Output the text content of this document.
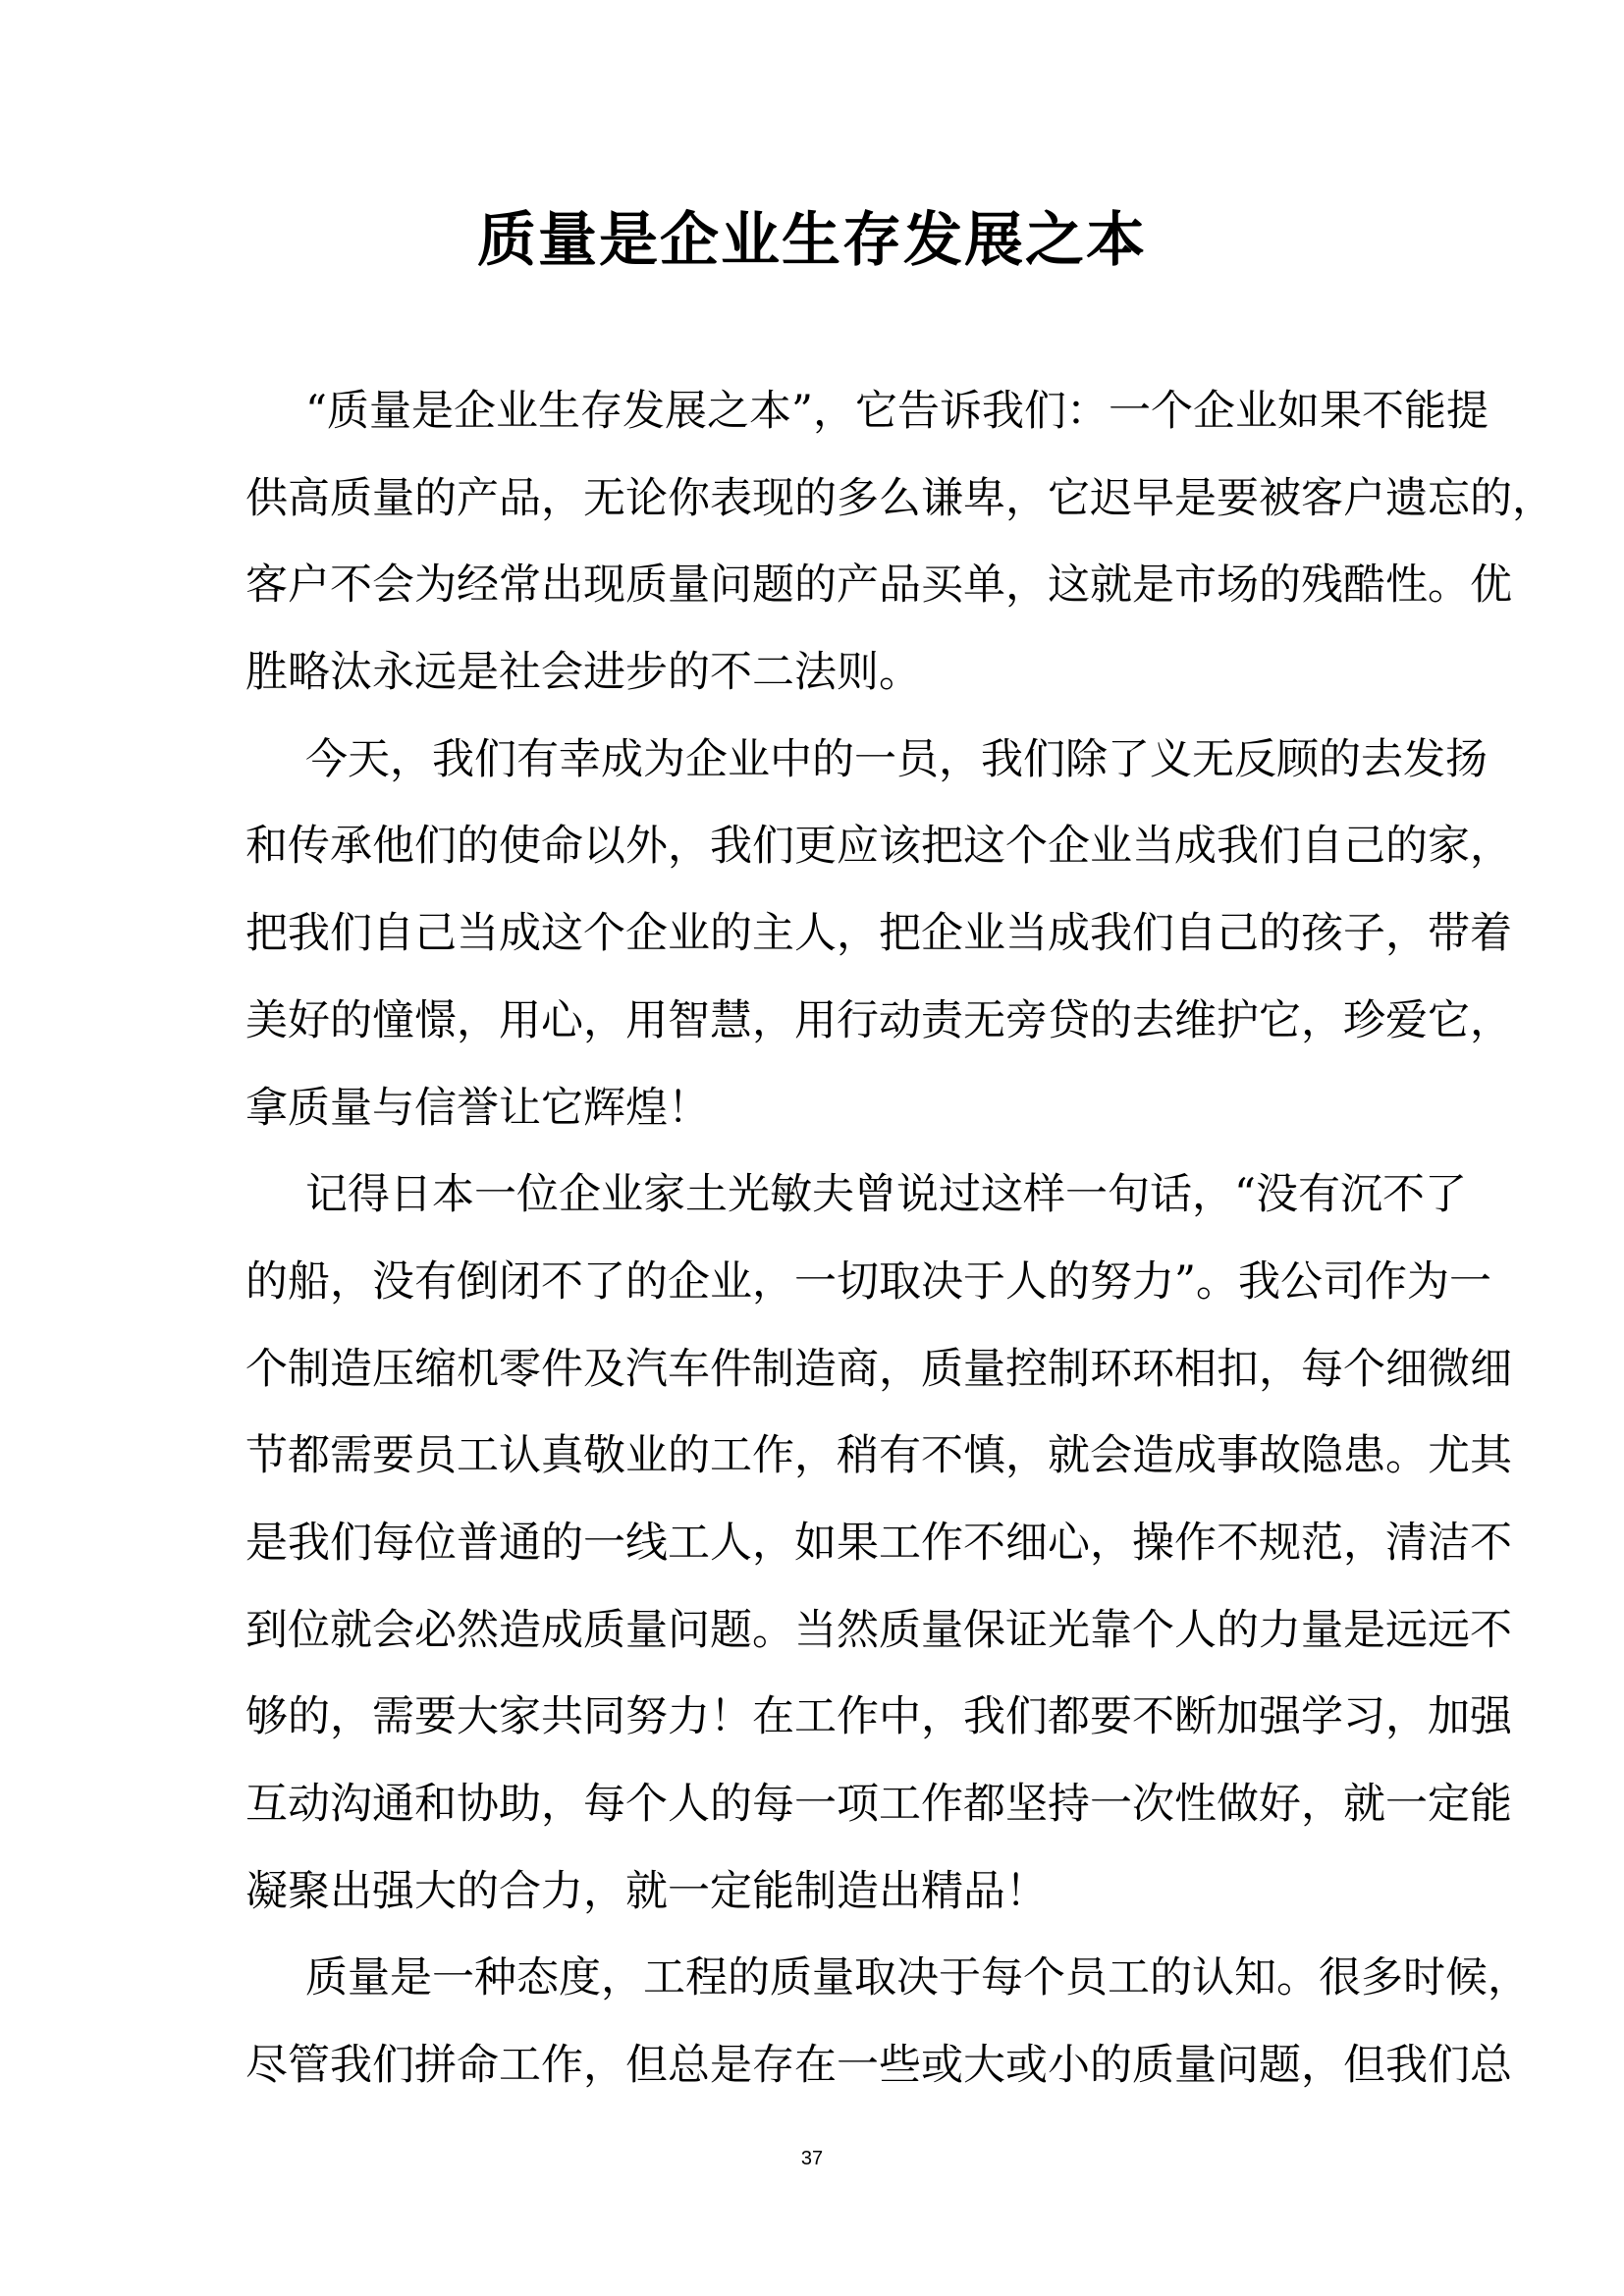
质量是企业生存发展之本

“质量是企业生存发展之本”，它告诉我们：一个企业如果不能提

供高质量的产品，无论你表现的多么谦卑，它迟早是要被客户遗忘的，

客户不会为经常出现质量问题的产品买单，这就是市场的残酷性。优

胜略汰永远是社会进步的不二法则。

今天，我们有幸成为企业中的一员，我们除了义无反顾的去发扬

和传承他们的使命以外，我们更应该把这个企业当成我们自己的家，

把我们自己当成这个企业的主人，把企业当成我们自己的孩子，带着

美好的憧憬，用心，用智慧，用行动责无旁贷的去维护它，珍爱它，

拿质量与信誉让它辉煌！

记得日本一位企业家土光敏夫曾说过这样一句话，“没有沉不了

的船，没有倒闭不了的企业，一切取决于人的努力”。我公司作为一

个制造压缩机零件及汽车件制造商，质量控制环环相扣，每个细微细

节都需要员工认真敬业的工作，稍有不慎，就会造成事故隐患。尤其

是我们每位普通的一线工人，如果工作不细心，操作不规范，清洁不

到位就会必然造成质量问题。当然质量保证光靠个人的力量是远远不

够的，需要大家共同努力！在工作中，我们都要不断加强学习，加强

互动沟通和协助，每个人的每一项工作都坚持一次性做好，就一定能

凝聚出强大的合力，就一定能制造出精品！

质量是一种态度，工程的质量取决于每个员工的认知。很多时候，

尽管我们拼命工作，但总是存在一些或大或小的质量问题，但我们总

37
